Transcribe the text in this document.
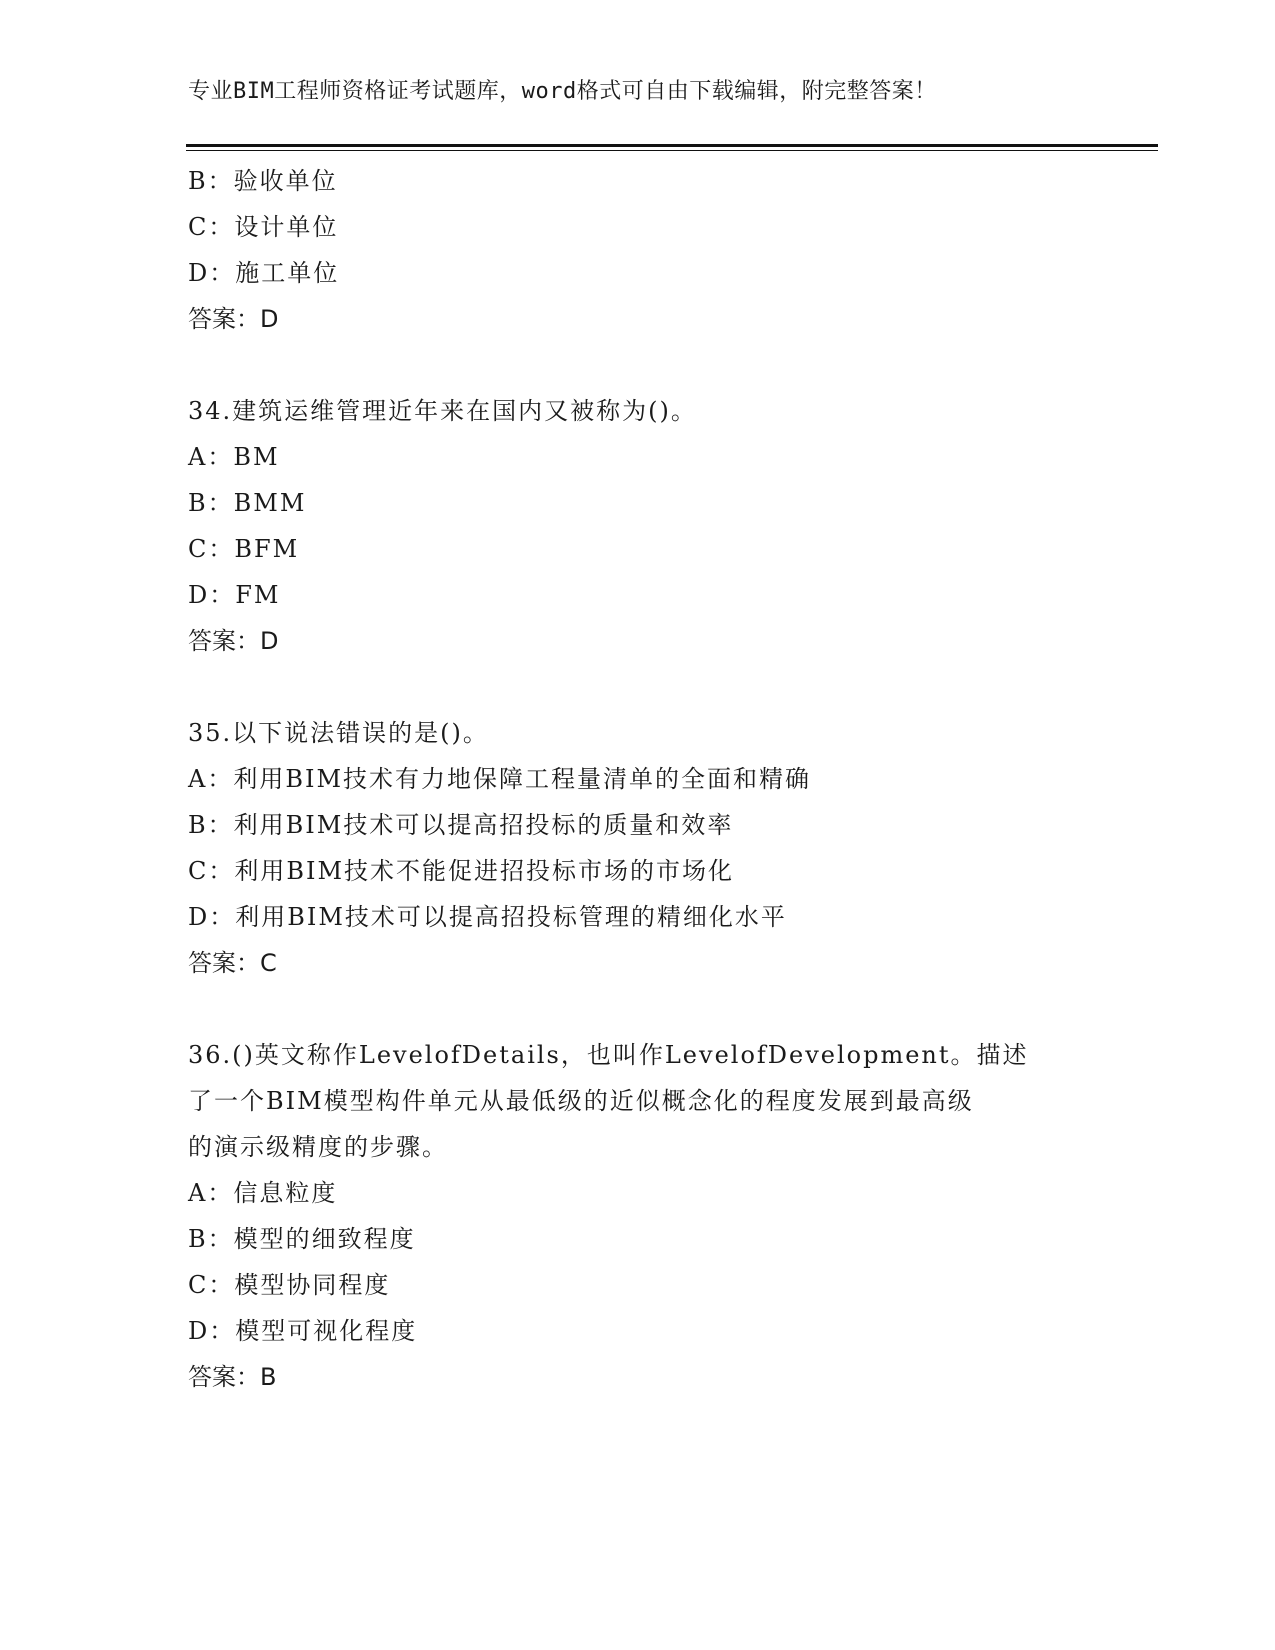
专业BIM工程师资格证考试题库，word格式可自由下载编辑，附完整答案！
B：验收单位
C：设计单位
D：施工单位
答案：D
34.建筑运维管理近年来在国内又被称为()。
A：BM
B：BMM
C：BFM
D：FM
答案：D
35.以下说法错误的是()。
A：利用BIM技术有力地保障工程量清单的全面和精确
B：利用BIM技术可以提高招投标的质量和效率
C：利用BIM技术不能促进招投标市场的市场化
D：利用BIM技术可以提高招投标管理的精细化水平
答案：C
36.()英文称作LevelofDetails，也叫作LevelofDevelopment。描述
了一个BIM模型构件单元从最低级的近似概念化的程度发展到最高级
的演示级精度的步骤。
A：信息粒度
B：模型的细致程度
C：模型协同程度
D：模型可视化程度
答案：B
